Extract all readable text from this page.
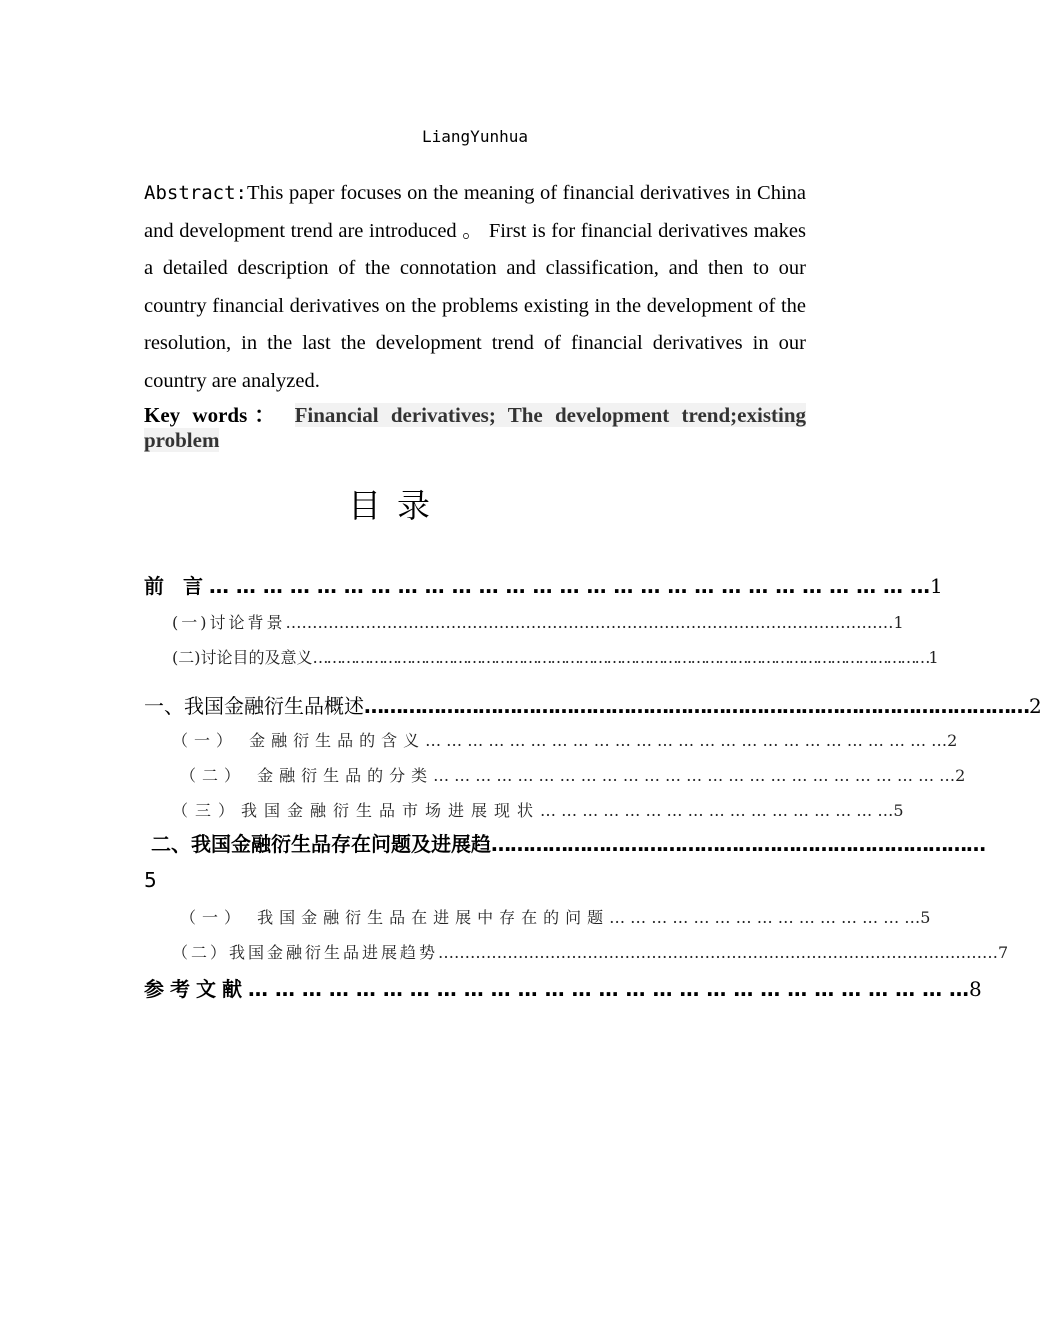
LiangYunhua

Abstract:This paper focuses on the meaning of financial derivatives in China and development trend are introduced 。 First is for financial derivatives makes a detailed description of the connotation and classification, and then to our country financial derivatives on the problems existing in the development of the resolution, in the last the development trend of financial derivatives in our country are analyzed.

Key words： Financial derivatives; The development trend;existing problem
目录
前 言 … … … … … … … … … … … … … … … … … … … … … … … … … … … 1
(一)讨论背景 …………………………………………………………………………………………………… 1
(二)讨论目的及意义 …………………………………………………………………………………………………………………… 1
一、我国金融衍生品概述 …………………………………………………………………………………………… 2
（一） 金融衍生品的含义 … … … … … … … … … … … … … … … … … … … … … … … … … 2
（二） 金融衍生品的分类 … … … … … … … … … … … … … … … … … … … … … … … … … 2
（三）我国金融衍生品市场进展现状 … … … … … … … … … … … … … … … … … 5
二、我国金融衍生品存在问题及进展趋 ……………………………………………………………………
5
（一） 我国金融衍生品在进展中存在的问题 … … … … … … … … … … … … … … … 5
（二）我国金融衍生品进展趋势 …………………………………………………………………………………………… 7
参考文献 … … … … … … … … … … … … … … … … … … … … … … … … … … … 8
